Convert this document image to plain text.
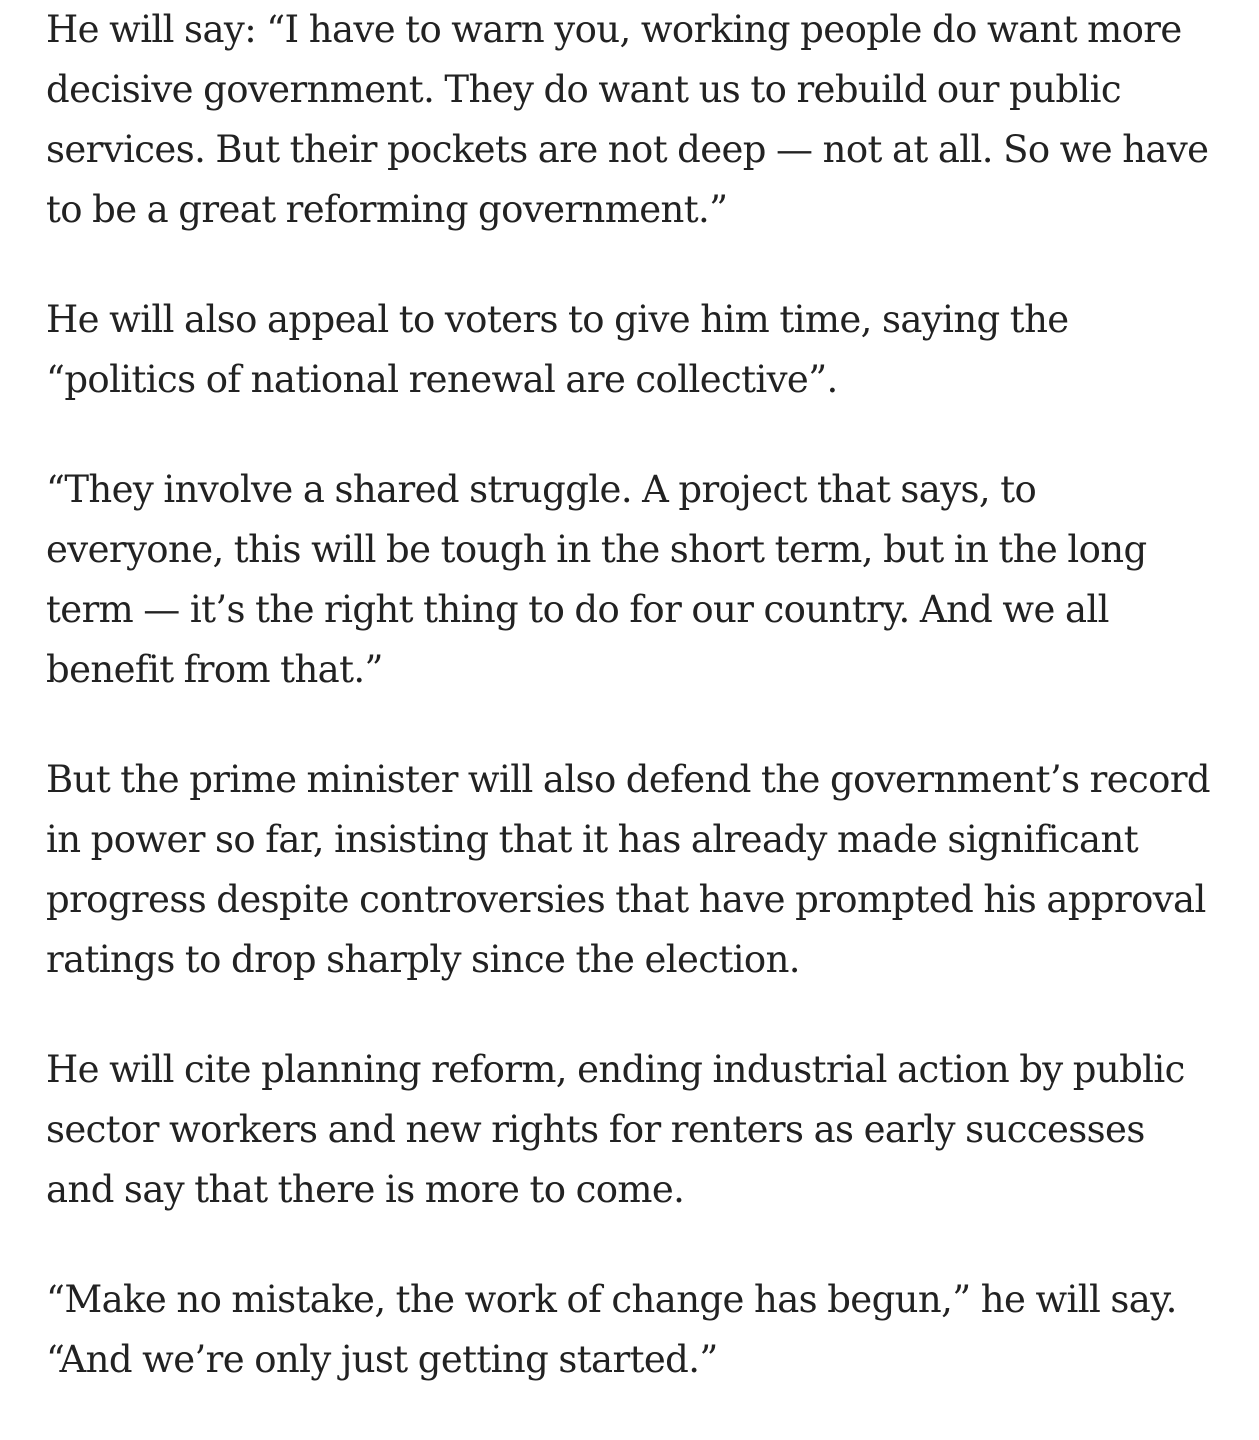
He will say: “I have to warn you, working people do want more decisive government. They do want us to rebuild our public services. But their pockets are not deep — not at all. So we have to be a great reforming government.”

He will also appeal to voters to give him time, saying the “politics of national renewal are collective”.

“They involve a shared struggle. A project that says, to everyone, this will be tough in the short term, but in the long term — it’s the right thing to do for our country. And we all benefit from that.”

But the prime minister will also defend the government’s record in power so far, insisting that it has already made significant progress despite controversies that have prompted his approval ratings to drop sharply since the election.

He will cite planning reform, ending industrial action by public sector workers and new rights for renters as early successes and say that there is more to come.

“Make no mistake, the work of change has begun,” he will say. “And we’re only just getting started.”
